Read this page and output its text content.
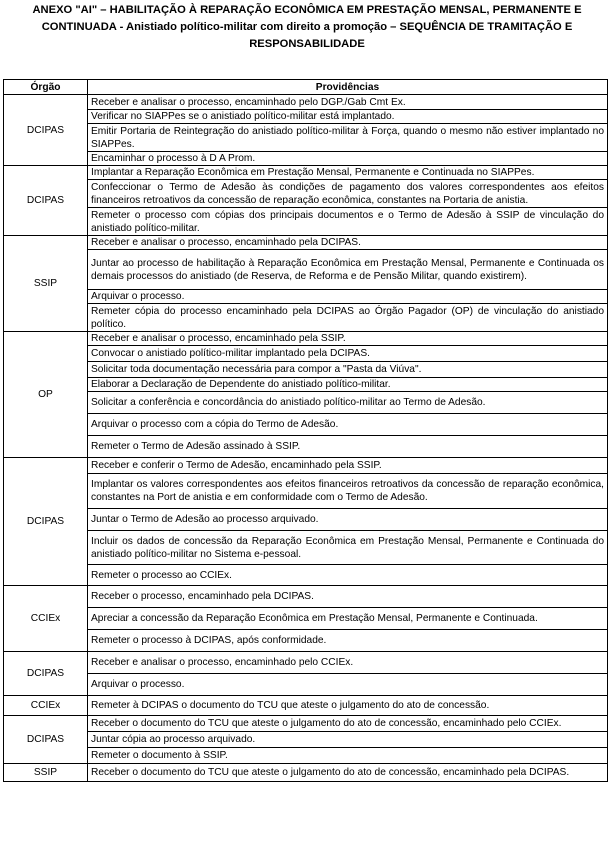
ANEXO "AI" – HABILITAÇÃO À REPARAÇÃO ECONÔMICA EM PRESTAÇÃO MENSAL, PERMANENTE E
CONTINUADA - Anistiado político-militar com direito a promoção – SEQUÊNCIA DE TRAMITAÇÃO E
RESPONSABILIDADE
Órgão	Providências
DCIPAS	Receber e analisar o processo, encaminhado pelo DGP./Gab Cmt Ex.
	Verificar no SIAPPes se o anistiado político-militar está implantado.
	Emitir Portaria de Reintegração do anistiado político-militar à Força, quando o mesmo não estiver implantado no SIAPPes.
	Encaminhar o processo à D A Prom.
DCIPAS	Implantar a Reparação Econômica em Prestação Mensal, Permanente e Continuada no SIAPPes.
	Confeccionar o Termo de Adesão às condições de pagamento dos valores correspondentes aos efeitos financeiros retroativos da concessão de reparação econômica, constantes na Portaria de anistia.
	Remeter o processo com cópias dos principais documentos e o Termo de Adesão à SSIP de vinculação do anistiado político-militar.
SSIP	Receber e analisar o processo, encaminhado pela DCIPAS.
	Juntar ao processo de habilitação à Reparação Econômica em Prestação Mensal, Permanente e Continuada os demais processos do anistiado (de Reserva, de Reforma e de Pensão Militar, quando existirem).
	Arquivar o processo.
	Remeter cópia do processo encaminhado pela DCIPAS ao Órgão Pagador (OP) de vinculação do anistiado político.
OP	Receber e analisar o processo, encaminhado pela SSIP.
	Convocar o anistiado político-militar implantado pela DCIPAS.
	Solicitar toda documentação necessária para compor a "Pasta da Viúva".
	Elaborar a Declaração de Dependente do anistiado político-militar.
	Solicitar a conferência e concordância do anistiado político-militar ao Termo de Adesão.
	Arquivar o processo com a cópia do Termo de Adesão.
	Remeter o Termo de Adesão assinado à SSIP.
DCIPAS	Receber e conferir o Termo de Adesão, encaminhado pela SSIP.
	Implantar os valores correspondentes aos efeitos financeiros retroativos da concessão de reparação econômica, constantes na Port de anistia e em conformidade com o Termo de Adesão.
	Juntar o Termo de Adesão ao processo arquivado.
	Incluir os dados de concessão da Reparação Econômica em Prestação Mensal, Permanente e Continuada do anistiado político-militar no Sistema e-pessoal.
	Remeter o processo ao CCIEx.
CCIEx	Receber o processo, encaminhado pela DCIPAS.
	Apreciar a concessão da Reparação Econômica em Prestação Mensal, Permanente e Continuada.
	Remeter o processo à DCIPAS, após conformidade.
DCIPAS	Receber e analisar o processo, encaminhado pelo CCIEx.
	Arquivar o processo.
CCIEx	Remeter à DCIPAS o documento do TCU que ateste o julgamento do ato de concessão.
DCIPAS	Receber o documento do TCU que ateste o julgamento do ato de concessão, encaminhado pelo CCIEx.
	Juntar cópia ao processo arquivado.
	Remeter o documento à SSIP.
SSIP	Receber o documento do TCU que ateste o julgamento do ato de concessão, encaminhado pela DCIPAS.
